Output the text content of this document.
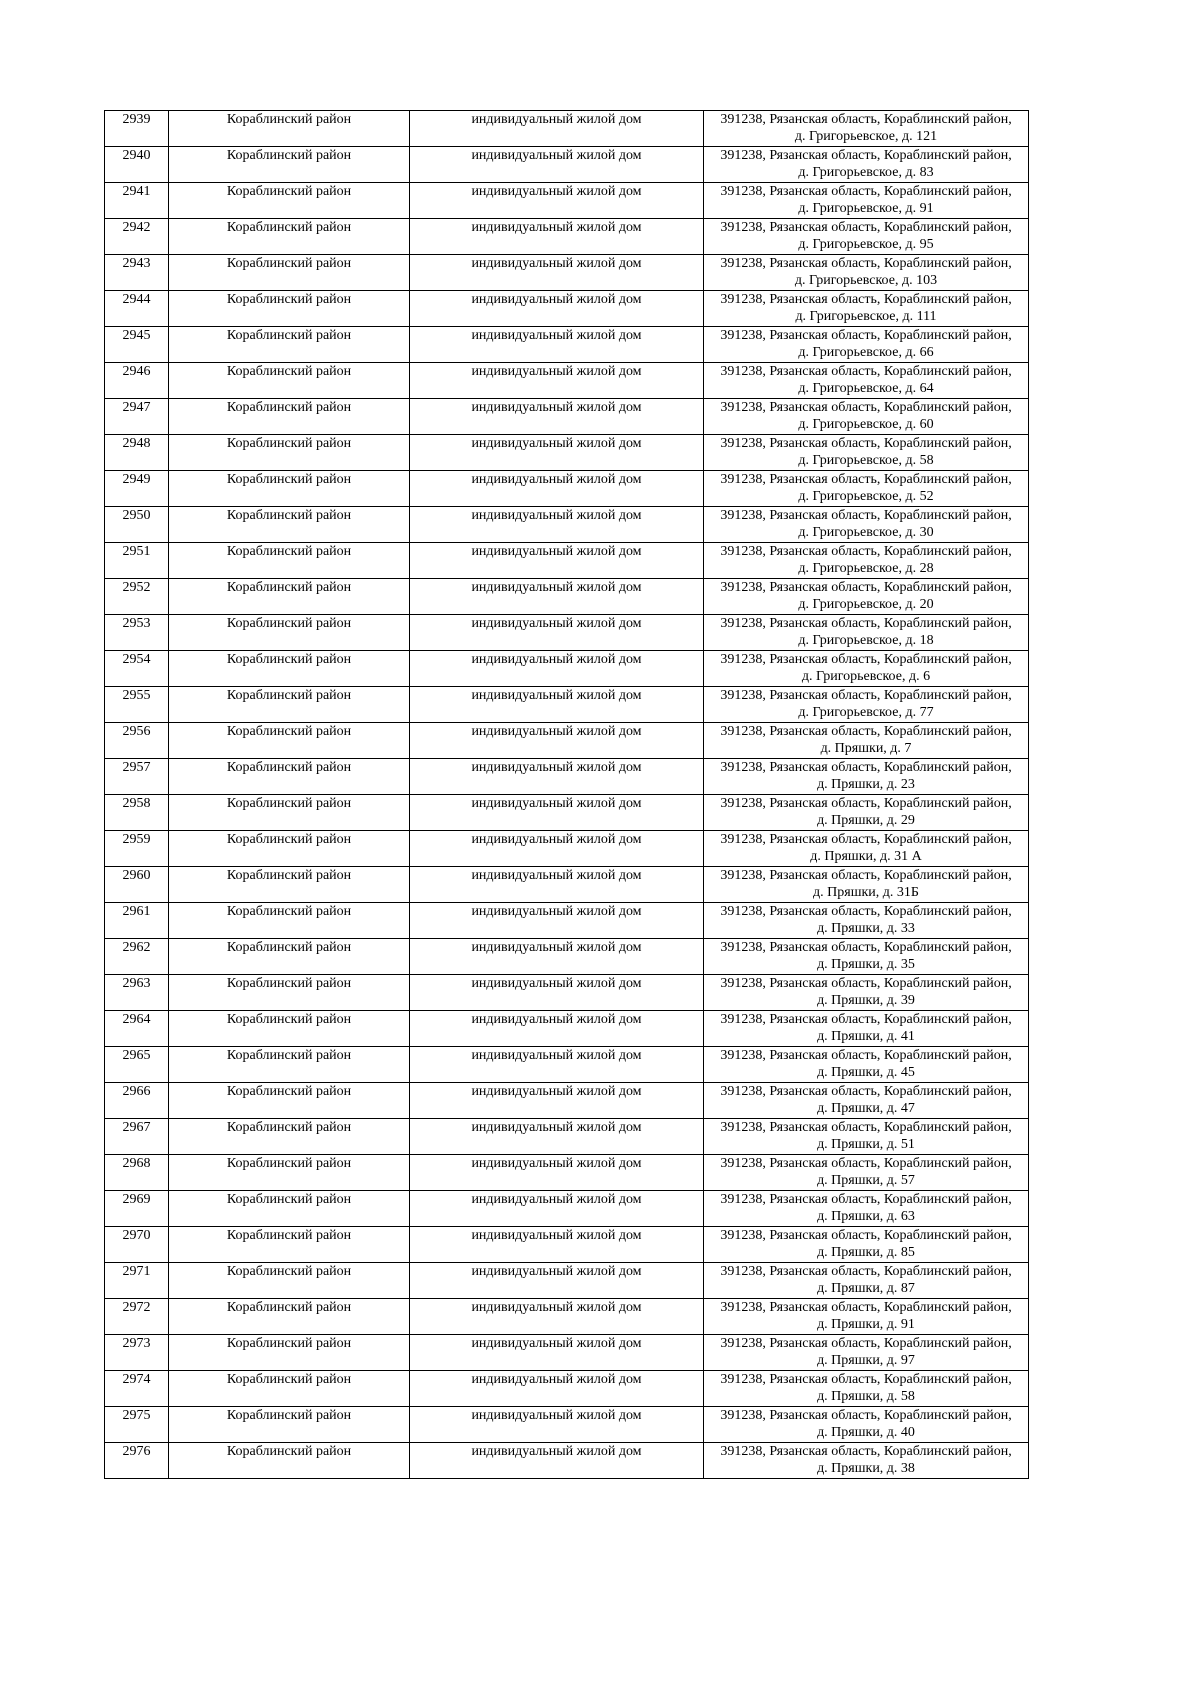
2939	Кораблинский район	индивидуальный жилой дом	391238, Рязанская область, Кораблинский район,
д. Григорьевское, д. 121

2940	Кораблинский район	индивидуальный жилой дом	391238, Рязанская область, Кораблинский район,
д. Григорьевское, д. 83

2941	Кораблинский район	индивидуальный жилой дом	391238, Рязанская область, Кораблинский район,
д. Григорьевское, д. 91

2942	Кораблинский район	индивидуальный жилой дом	391238, Рязанская область, Кораблинский район,
д. Григорьевское, д. 95

2943	Кораблинский район	индивидуальный жилой дом	391238, Рязанская область, Кораблинский район,
д. Григорьевское, д. 103

2944	Кораблинский район	индивидуальный жилой дом	391238, Рязанская область, Кораблинский район,
д. Григорьевское, д. 111

2945	Кораблинский район	индивидуальный жилой дом	391238, Рязанская область, Кораблинский район,
д. Григорьевское, д. 66

2946	Кораблинский район	индивидуальный жилой дом	391238, Рязанская область, Кораблинский район,
д. Григорьевское, д. 64

2947	Кораблинский район	индивидуальный жилой дом	391238, Рязанская область, Кораблинский район,
д. Григорьевское, д. 60

2948	Кораблинский район	индивидуальный жилой дом	391238, Рязанская область, Кораблинский район,
д. Григорьевское, д. 58

2949	Кораблинский район	индивидуальный жилой дом	391238, Рязанская область, Кораблинский район,
д. Григорьевское, д. 52

2950	Кораблинский район	индивидуальный жилой дом	391238, Рязанская область, Кораблинский район,
д. Григорьевское, д. 30

2951	Кораблинский район	индивидуальный жилой дом	391238, Рязанская область, Кораблинский район,
д. Григорьевское, д. 28

2952	Кораблинский район	индивидуальный жилой дом	391238, Рязанская область, Кораблинский район,
д. Григорьевское, д. 20

2953	Кораблинский район	индивидуальный жилой дом	391238, Рязанская область, Кораблинский район,
д. Григорьевское, д. 18

2954	Кораблинский район	индивидуальный жилой дом	391238, Рязанская область, Кораблинский район,
д. Григорьевское, д. 6

2955	Кораблинский район	индивидуальный жилой дом	391238, Рязанская область, Кораблинский район,
д. Григорьевское, д. 77

2956	Кораблинский район	индивидуальный жилой дом	391238, Рязанская область, Кораблинский район,
д. Пряшки, д. 7

2957	Кораблинский район	индивидуальный жилой дом	391238, Рязанская область, Кораблинский район,
д. Пряшки, д. 23

2958	Кораблинский район	индивидуальный жилой дом	391238, Рязанская область, Кораблинский район,
д. Пряшки, д. 29

2959	Кораблинский район	индивидуальный жилой дом	391238, Рязанская область, Кораблинский район,
д. Пряшки, д. 31 А

2960	Кораблинский район	индивидуальный жилой дом	391238, Рязанская область, Кораблинский район,
д. Пряшки, д. 31Б

2961	Кораблинский район	индивидуальный жилой дом	391238, Рязанская область, Кораблинский район,
д. Пряшки, д. 33

2962	Кораблинский район	индивидуальный жилой дом	391238, Рязанская область, Кораблинский район,
д. Пряшки, д. 35

2963	Кораблинский район	индивидуальный жилой дом	391238, Рязанская область, Кораблинский район,
д. Пряшки, д. 39

2964	Кораблинский район	индивидуальный жилой дом	391238, Рязанская область, Кораблинский район,
д. Пряшки, д. 41

2965	Кораблинский район	индивидуальный жилой дом	391238, Рязанская область, Кораблинский район,
д. Пряшки, д. 45

2966	Кораблинский район	индивидуальный жилой дом	391238, Рязанская область, Кораблинский район,
д. Пряшки, д. 47

2967	Кораблинский район	индивидуальный жилой дом	391238, Рязанская область, Кораблинский район,
д. Пряшки, д. 51

2968	Кораблинский район	индивидуальный жилой дом	391238, Рязанская область, Кораблинский район,
д. Пряшки, д. 57

2969	Кораблинский район	индивидуальный жилой дом	391238, Рязанская область, Кораблинский район,
д. Пряшки, д. 63

2970	Кораблинский район	индивидуальный жилой дом	391238, Рязанская область, Кораблинский район,
д. Пряшки, д. 85

2971	Кораблинский район	индивидуальный жилой дом	391238, Рязанская область, Кораблинский район,
д. Пряшки, д. 87

2972	Кораблинский район	индивидуальный жилой дом	391238, Рязанская область, Кораблинский район,
д. Пряшки, д. 91

2973	Кораблинский район	индивидуальный жилой дом	391238, Рязанская область, Кораблинский район,
д. Пряшки, д. 97

2974	Кораблинский район	индивидуальный жилой дом	391238, Рязанская область, Кораблинский район,
д. Пряшки, д. 58

2975	Кораблинский район	индивидуальный жилой дом	391238, Рязанская область, Кораблинский район,
д. Пряшки, д. 40

2976	Кораблинский район	индивидуальный жилой дом	391238, Рязанская область, Кораблинский район,
д. Пряшки, д. 38
